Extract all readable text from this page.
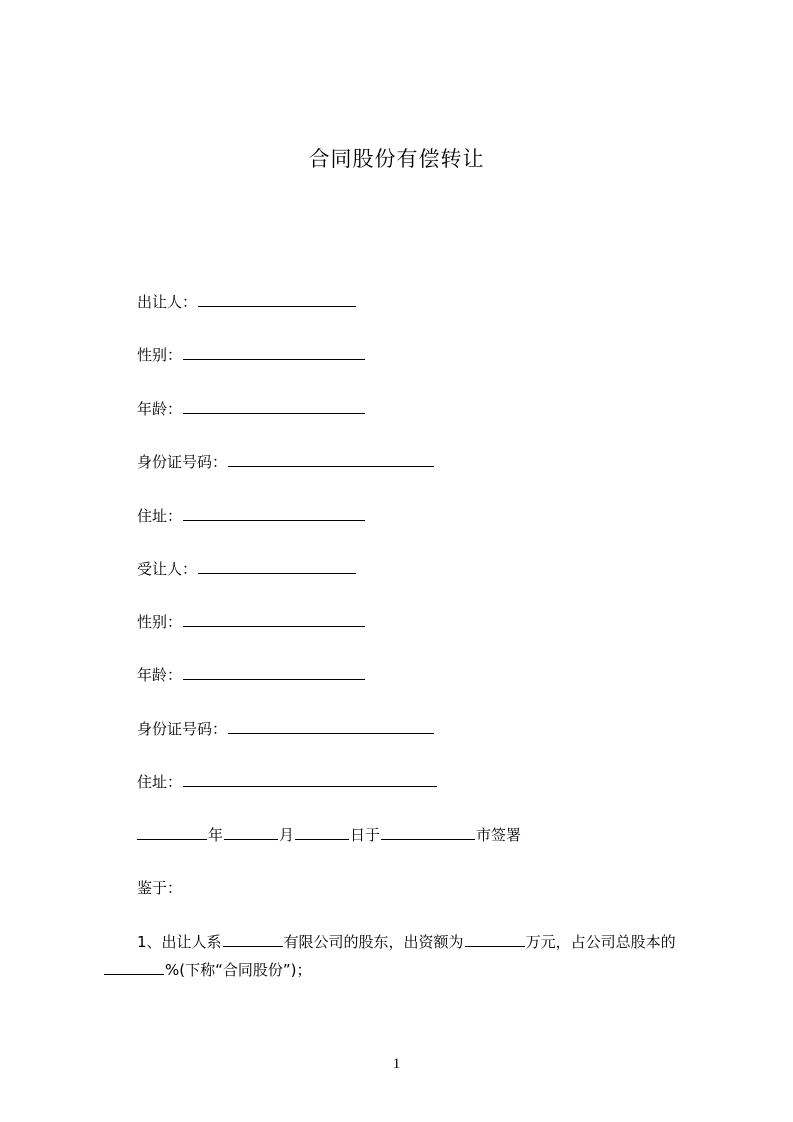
合同股份有偿转让
出让人：
性别：
年龄：
身份证号码：
住址：
受让人：
性别：
年龄：
身份证号码：
住址：
年	月	日于	市签署
鉴于：
1、出让人系	有限公司的股东，出资额为	万元，占公司总股本的
%(下称“合同股份”)；
1
